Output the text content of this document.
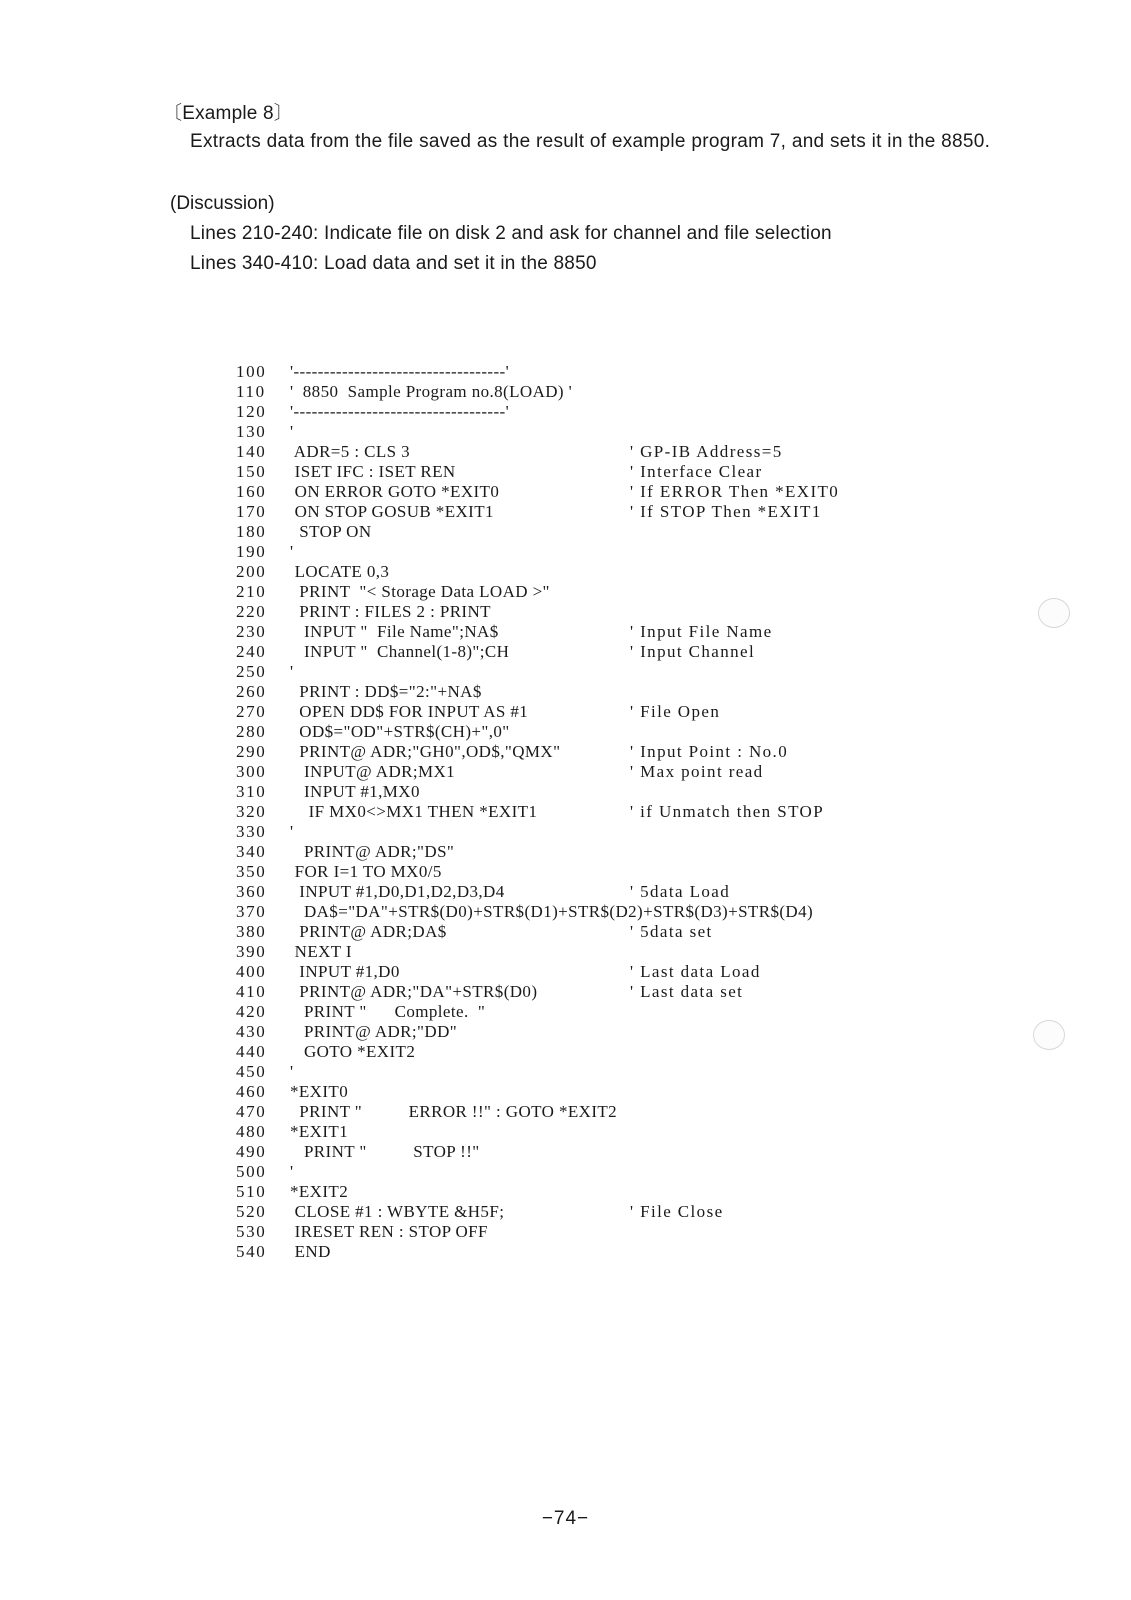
〔Example 8〕
Extracts data from the file saved as the result of example program 7, and sets it in the 8850.
(Discussion)
Lines 210-240: Indicate file on disk 2 and ask for channel and file selection
Lines 340-410: Load data and set it in the 8850
100	'-----------------------------------'
110	'  8850  Sample Program no.8(LOAD) '
120	'-----------------------------------'
130	'
140	ADR=5 : CLS 3	' GP-IB Address=5
150	ISET IFC : ISET REN	' Interface Clear
160	ON ERROR GOTO *EXIT0	' If ERROR Then *EXIT0
170	ON STOP GOSUB *EXIT1	' If STOP Then *EXIT1
180	STOP ON
190	'
200	LOCATE 0,3
210	PRINT  "< Storage Data LOAD >"
220	PRINT : FILES 2 : PRINT
230	INPUT "  File Name";NA$	' Input File Name
240	INPUT "  Channel(1-8)";CH	' Input Channel
250	'
260	PRINT : DD$="2:"+NA$
270	OPEN DD$ FOR INPUT AS #1	' File Open
280	OD$="OD"+STR$(CH)+",0"
290	PRINT@ ADR;"GH0",OD$,"QMX"	' Input Point : No.0
300	INPUT@ ADR;MX1	' Max point read
310	INPUT #1,MX0
320	IF MX0<>MX1 THEN *EXIT1	' if Unmatch then STOP
330	'
340	PRINT@ ADR;"DS"
350	FOR I=1 TO MX0/5
360	INPUT #1,D0,D1,D2,D3,D4	' 5data Load
370	DA$="DA"+STR$(D0)+STR$(D1)+STR$(D2)+STR$(D3)+STR$(D4)
380	PRINT@ ADR;DA$	' 5data set
390	NEXT I
400	INPUT #1,D0	' Last data Load
410	PRINT@ ADR;"DA"+STR$(D0)	' Last data set
420	PRINT "      Complete.  "
430	PRINT@ ADR;"DD"
440	GOTO *EXIT2
450	'
460	*EXIT0
470	PRINT "          ERROR !!" : GOTO *EXIT2
480	*EXIT1
490	PRINT "          STOP !!"
500	'
510	*EXIT2
520	CLOSE #1 : WBYTE &H5F;	' File Close
530	IRESET REN : STOP OFF
540	END
−74−
